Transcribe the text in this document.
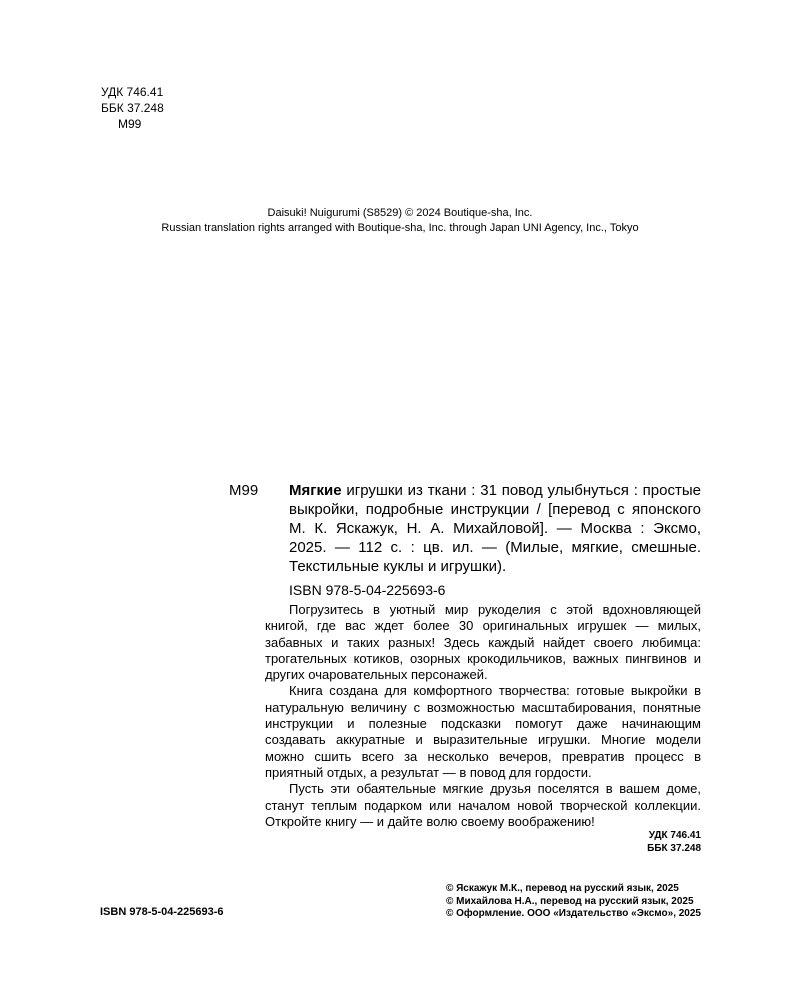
УДК 746.41
ББК 37.248
М99
Daisuki! Nuigurumi (S8529) © 2024 Boutique-sha, Inc.
Russian translation rights arranged with Boutique-sha, Inc. through Japan UNI Agency, Inc., Tokyo
М99 Мягкие игрушки из ткани : 31 повод улыбнуться : простые выкройки, подробные инструкции / [перевод с японского М. К. Яскажук, Н. А. Михайловой]. — Москва : Эксмо, 2025. — 112 с. : цв. ил. — (Милые, мягкие, смешные. Текстильные куклы и игрушки).
ISBN 978-5-04-225693-6

Погрузитесь в уютный мир рукоделия с этой вдохновляющей книгой, где вас ждет более 30 оригинальных игрушек — милых, забавных и таких разных! Здесь каждый найдет своего любимца: трогательных котиков, озорных крокодильчиков, важных пингвинов и других очаровательных персонажей.

Книга создана для комфортного творчества: готовые выкройки в натуральную величину с возможностью масштабирования, понятные инструкции и полезные подсказки помогут даже начинающим создавать аккуратные и выразительные игрушки. Многие модели можно сшить всего за несколько вечеров, превратив процесс в приятный отдых, а результат — в повод для гордости.

Пусть эти обаятельные мягкие друзья поселятся в вашем доме, станут теплым подарком или началом новой творческой коллекции. Откройте книгу — и дайте волю своему воображению!

УДК 746.41
ББК 37.248
ISBN 978-5-04-225693-6
© Яскажук М.К., перевод на русский язык, 2025
© Михайлова Н.А., перевод на русский язык, 2025
© Оформление. ООО «Издательство «Эксмо», 2025
